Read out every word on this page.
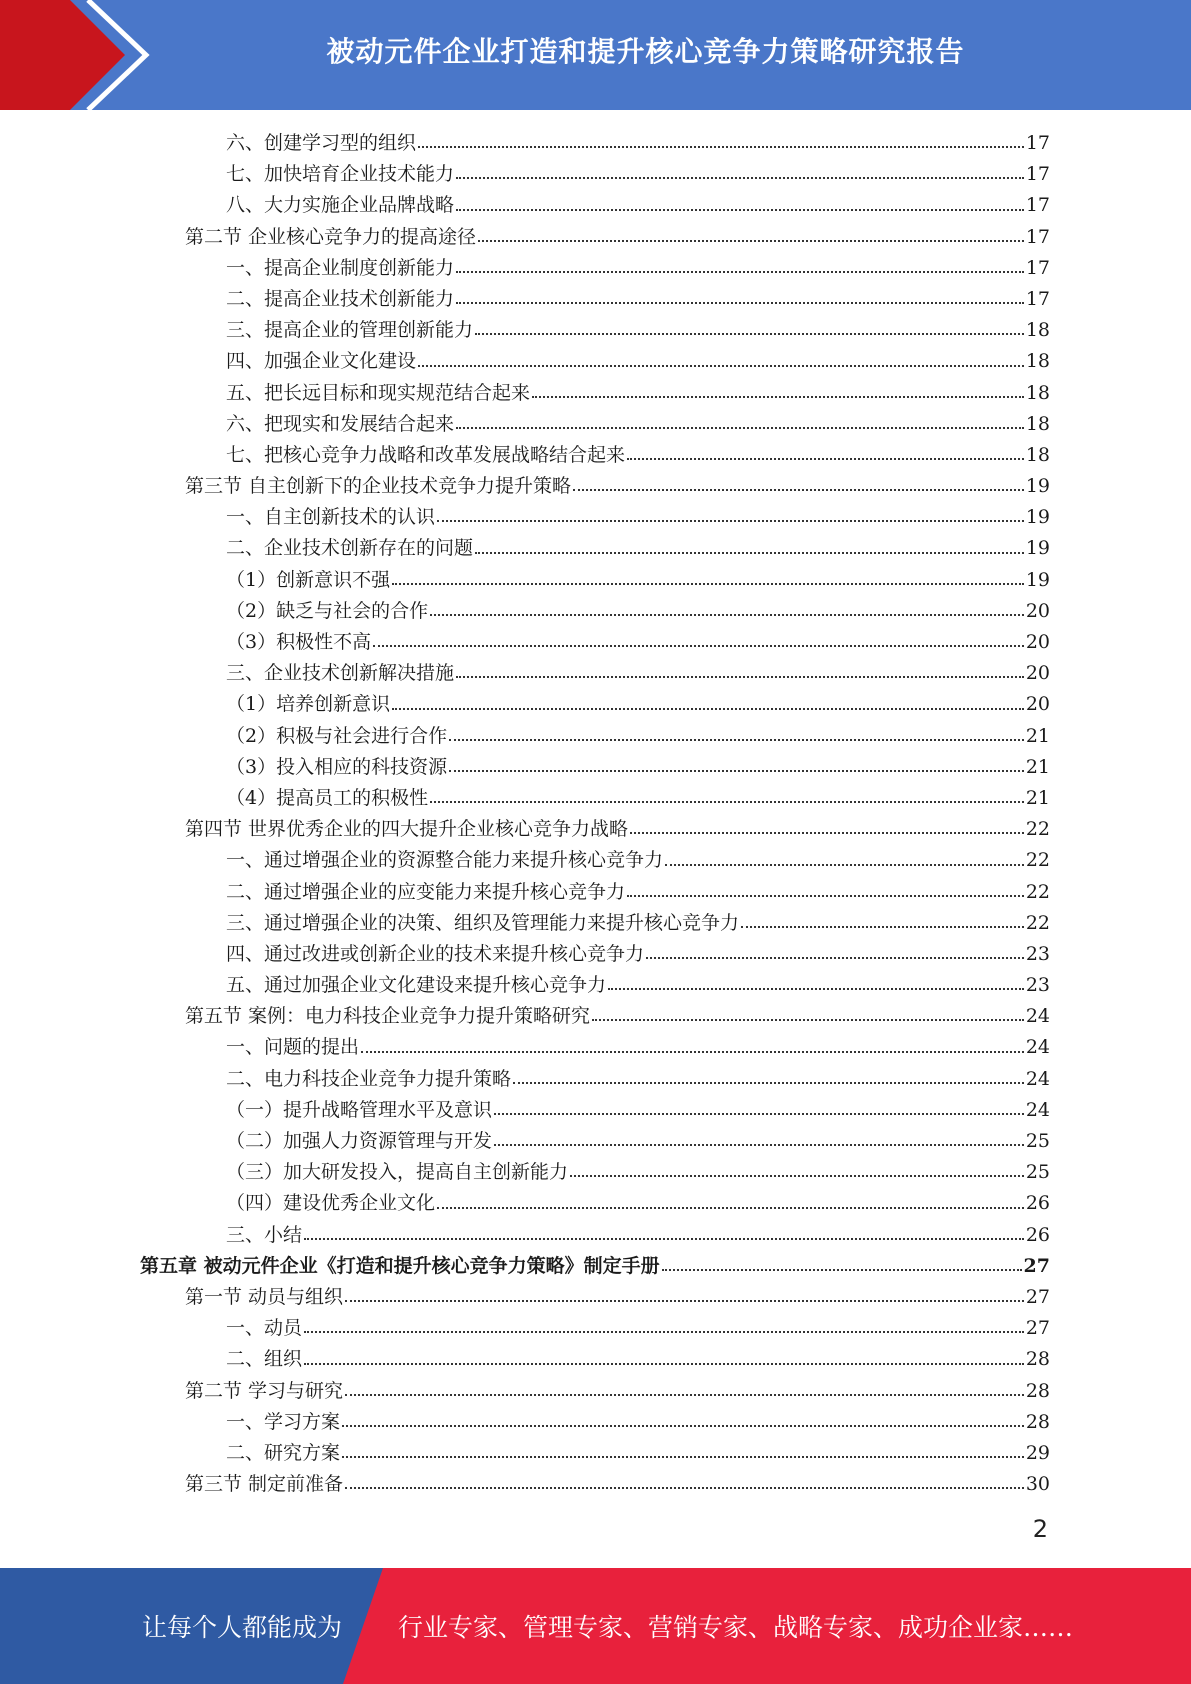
被动元件企业打造和提升核心竞争力策略研究报告
六、创建学习型的组织	17
七、加快培育企业技术能力	17
八、大力实施企业品牌战略	17
第二节 企业核心竞争力的提高途径	17
一、提高企业制度创新能力	17
二、提高企业技术创新能力	17
三、提高企业的管理创新能力	18
四、加强企业文化建设	18
五、把长远目标和现实规范结合起来	18
六、把现实和发展结合起来	18
七、把核心竞争力战略和改革发展战略结合起来	18
第三节 自主创新下的企业技术竞争力提升策略	19
一、自主创新技术的认识	19
二、企业技术创新存在的问题	19
（1）创新意识不强	19
（2）缺乏与社会的合作	20
（3）积极性不高	20
三、企业技术创新解决措施	20
（1）培养创新意识	20
（2）积极与社会进行合作	21
（3）投入相应的科技资源	21
（4）提高员工的积极性	21
第四节 世界优秀企业的四大提升企业核心竞争力战略	22
一、通过增强企业的资源整合能力来提升核心竞争力	22
二、通过增强企业的应变能力来提升核心竞争力	22
三、通过增强企业的决策、组织及管理能力来提升核心竞争力	22
四、通过改进或创新企业的技术来提升核心竞争力	23
五、通过加强企业文化建设来提升核心竞争力	23
第五节 案例：电力科技企业竞争力提升策略研究	24
一、问题的提出	24
二、电力科技企业竞争力提升策略	24
（一）提升战略管理水平及意识	24
（二）加强人力资源管理与开发	25
（三）加大研发投入，提高自主创新能力	25
（四）建设优秀企业文化	26
三、小结	26
第五章 被动元件企业《打造和提升核心竞争力策略》制定手册	27
第一节 动员与组织	27
一、动员	27
二、组织	28
第二节 学习与研究	28
一、学习方案	28
二、研究方案	29
第三节 制定前准备	30
2
让每个人都能成为 行业专家、管理专家、营销专家、战略专家、成功企业家……
